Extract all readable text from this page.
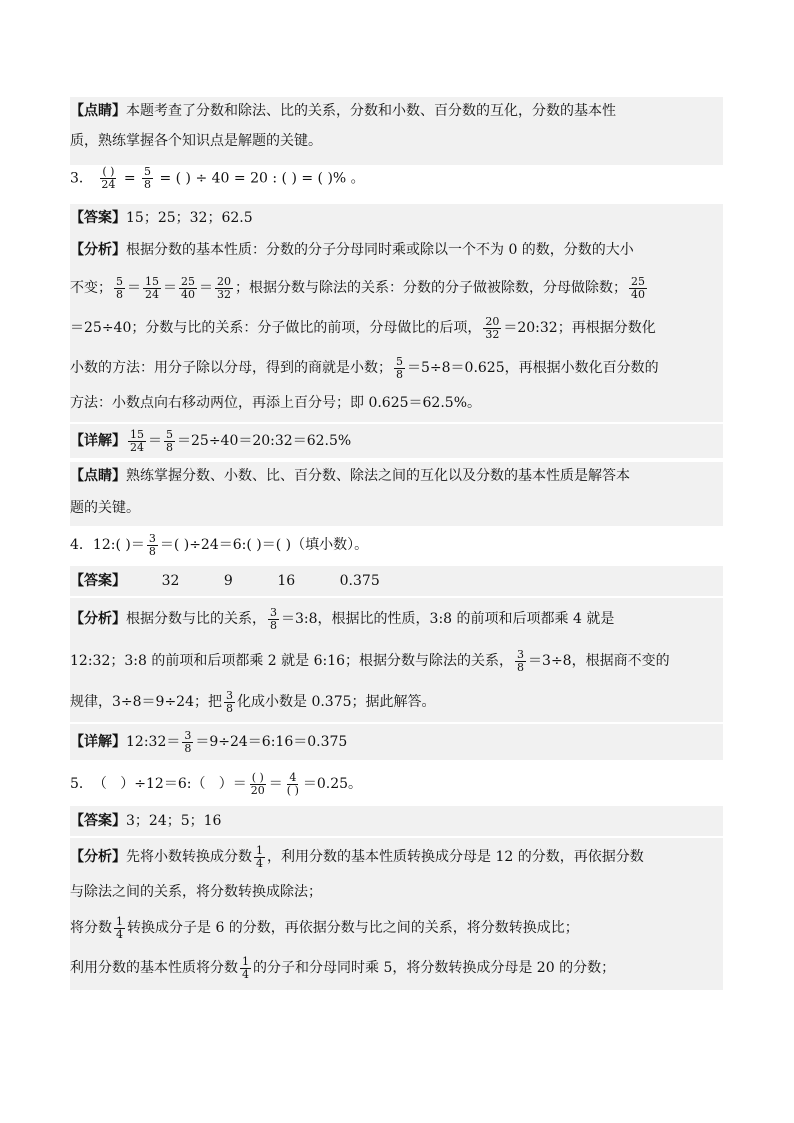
【点睛】本题考查了分数和除法、比的关系，分数和小数、百分数的互化，分数的基本性
质，熟练掌握各个知识点是解题的关键。
3． $\frac{( )}{24} = \frac{5}{8}$ = ( ) ÷ 40 = 20 : ( ) = ( )% 。
【答案】15；25；32；62.5
【分析】根据分数的基本性质：分数的分子分母同时乘或除以一个不为 0 的数，分数的大小
不变； $\frac{5}{8} = \frac{15}{24} = \frac{25}{40} = \frac{20}{32}$ ；根据分数与除法的关系：分数的分子做被除数，分母做除数； $\frac{25}{40}$
＝25÷40；分数与比的关系：分子做比的前项，分母做比的后项， $\frac{20}{32}$ ＝20:32；再根据分数化
小数的方法：用分子除以分母，得到的商就是小数； $\frac{5}{8} =5\div 8=0.625$，再根据小数化百分数的
方法：小数点向右移动两位，再添上百分号；即 0.625＝62.5%。
【详解】 $\frac{15}{24} = \frac{5}{8}$ ＝25÷40＝20:32＝62.5%
【点睛】熟练掌握分数、小数、比、百分数、除法之间的互化以及分数的基本性质是解答本
题的关键。
4． 12:( )＝ $\frac{3}{8}$ ＝( )÷24＝6:( )＝( )（填小数）。
【答案】 32          9          16          0.375
【分析】 根据分数与比的关系， $\frac{3}{8}$ ＝3:8，根据比的性质，3:8 的前项和后项都乘 4 就是
12:32；3:8 的前项和后项都乘 2 就是 6:16；根据分数与除法的关系， $\frac{3}{8} =3\div 8$，根据商不变的
规律，3÷8＝9÷24；把 $\frac{3}{8}$ 化成小数是 0.375；据此解答。
【详解】 12:32＝ $\frac{3}{8}$ ＝9÷24＝6:16＝0.375
5． （   ）÷12＝6:（   ）＝ $\frac{( )}{20} = \frac{4}{( )} =0.25$。
【答案】 3；24；5；16
【分析】 先将小数转换成分数 $\frac{1}{4}$ ，利用分数的基本性质转换成分母是 12 的分数，再依据分数
与除法之间的关系，将分数转换成除法；
将分数 $\frac{1}{4}$ 转换成分子是 6 的分数，再依据分数与比之间的关系，将分数转换成比；
利用分数的基本性质将分数 $\frac{1}{4}$ 的分子和分母同时乘 5，将分数转换成分母是 20 的分数；
